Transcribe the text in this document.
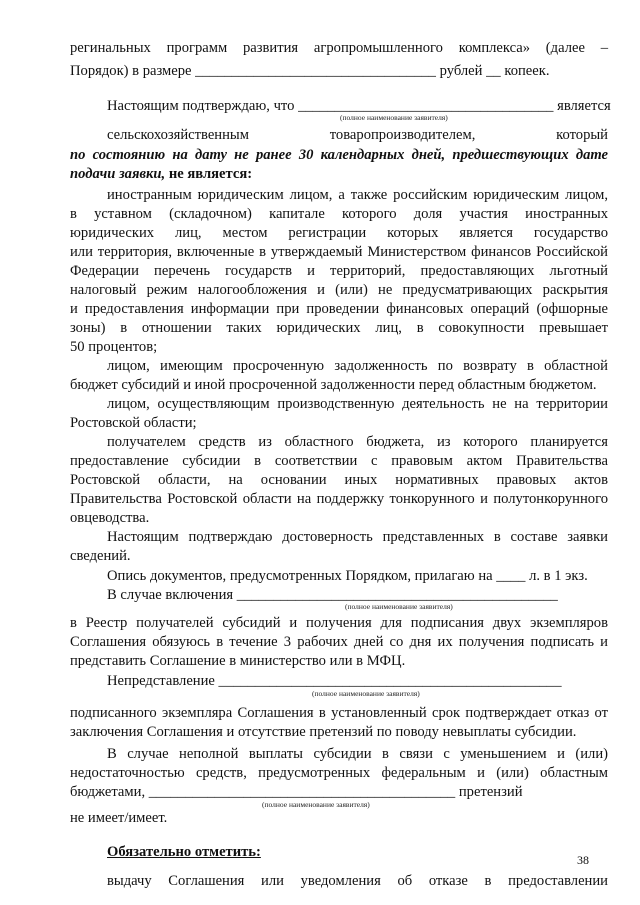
регинальных программ развития агропромышленного комплекса» (далее –
Порядок) в размере _________________________________ рублей __ копеек.
Настоящим подтверждаю, что ___________________________________ является
(полное наименование заявителя)
сельскохозяйственным товаропроизводителем, который
по состоянию на дату не ранее 30 календарных дней, предшествующих дате
подачи заявки, не является:
иностранным юридическим лицом, а также российским юридическим лицом,
в уставном (складочном) капитале которого доля участия иностранных
юридических лиц, местом регистрации которых является государство
или территория, включенные в утверждаемый Министерством финансов Российской
Федерации перечень государств и территорий, предоставляющих льготный
налоговый режим налогообложения и (или) не предусматривающих раскрытия
и предоставления информации при проведении финансовых операций (офшорные
зоны) в отношении таких юридических лиц, в совокупности превышает
50 процентов;
лицом, имеющим просроченную задолженность по возврату в областной
бюджет субсидий и иной просроченной задолженности перед областным бюджетом.
лицом, осуществляющим производственную деятельность не на территории
Ростовской области;
получателем средств из областного бюджета, из которого планируется
предоставление субсидии в соответствии с правовым актом Правительства
Ростовской области, на основании иных нормативных правовых актов
Правительства Ростовской области на поддержку тонкорунного и полутонкорунного
овцеводства.
Настоящим подтверждаю достоверность представленных в составе заявки
сведений.
Опись документов, предусмотренных Порядком, прилагаю на ____ л. в 1 экз.
В случае включения ____________________________________________
(полное наименование заявителя)
в Реестр получателей субсидий и получения для подписания двух экземпляров
Соглашения обязуюсь в течение 3 рабочих дней со дня их получения подписать и
представить Соглашение в министерство или в МФЦ.
Непредставление _______________________________________________
(полное наименование заявителя)
подписанного экземпляра Соглашения в установленный срок подтверждает отказ от
заключения Соглашения и отсутствие претензий по поводу невыплаты субсидии.
В случае неполной выплаты субсидии в связи с уменьшением и (или)
недостаточностью средств, предусмотренных федеральным и (или) областным
бюджетами, __________________________________________ претензий
(полное наименование заявителя)
не имеет/имеет.
Обязательно отметить:
выдачу Соглашения или уведомления об отказе в предоставлении
38
